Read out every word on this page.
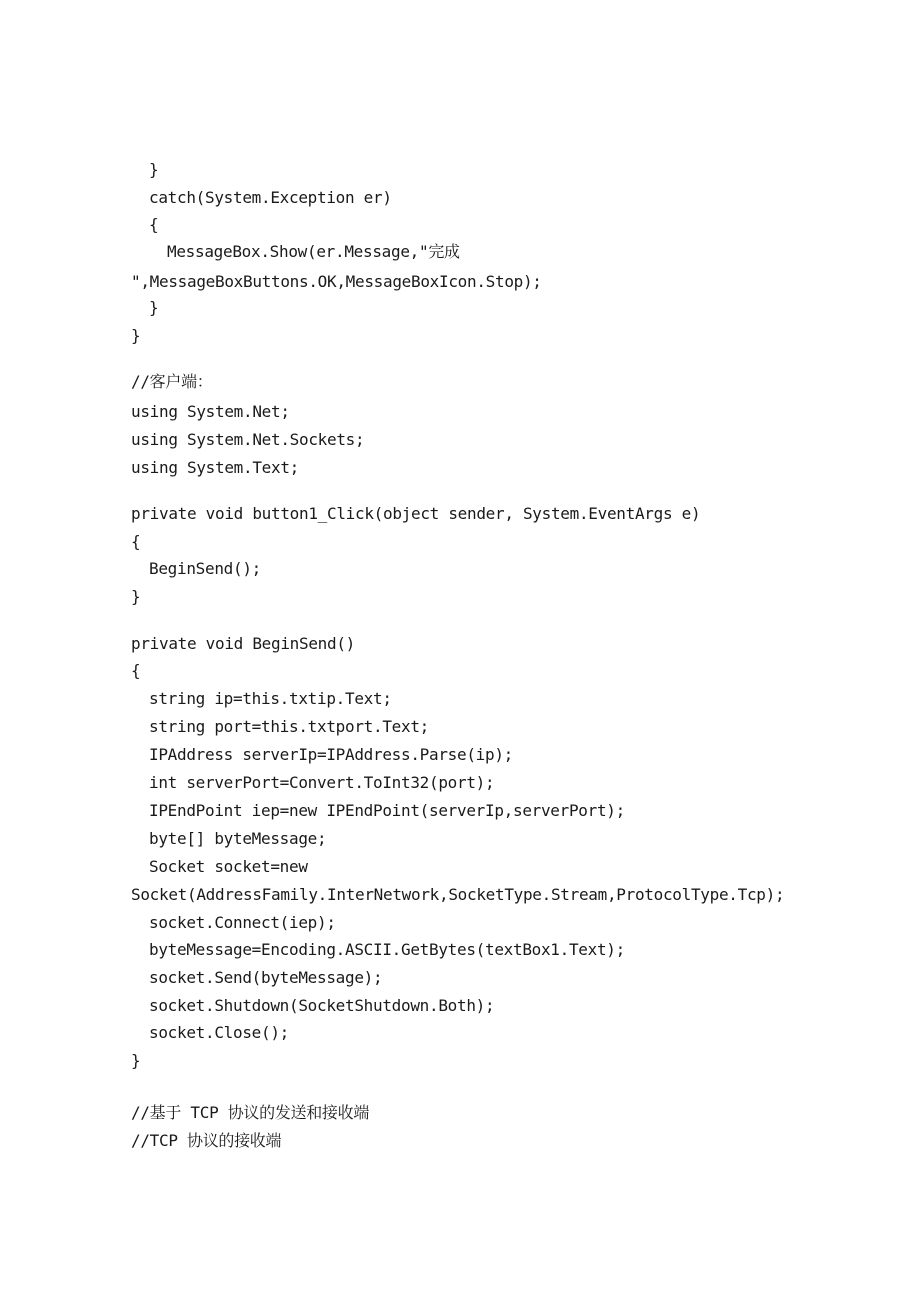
}
catch(System.Exception er)
{
MessageBox.Show(er.Message,"完成
",MessageBoxButtons.OK,MessageBoxIcon.Stop);
}
}
//客户端：
using System.Net;
using System.Net.Sockets;
using System.Text;
private void button1_Click(object sender, System.EventArgs e)
{
BeginSend();
}
private void BeginSend()
{
string ip=this.txtip.Text;
string port=this.txtport.Text;
IPAddress serverIp=IPAddress.Parse(ip);
int serverPort=Convert.ToInt32(port);
IPEndPoint iep=new IPEndPoint(serverIp,serverPort);
byte[] byteMessage;
Socket socket=new
Socket(AddressFamily.InterNetwork,SocketType.Stream,ProtocolType.Tcp);
socket.Connect(iep);
byteMessage=Encoding.ASCII.GetBytes(textBox1.Text);
socket.Send(byteMessage);
socket.Shutdown(SocketShutdown.Both);
socket.Close();
}
//基于 TCP 协议的发送和接收端
//TCP 协议的接收端
